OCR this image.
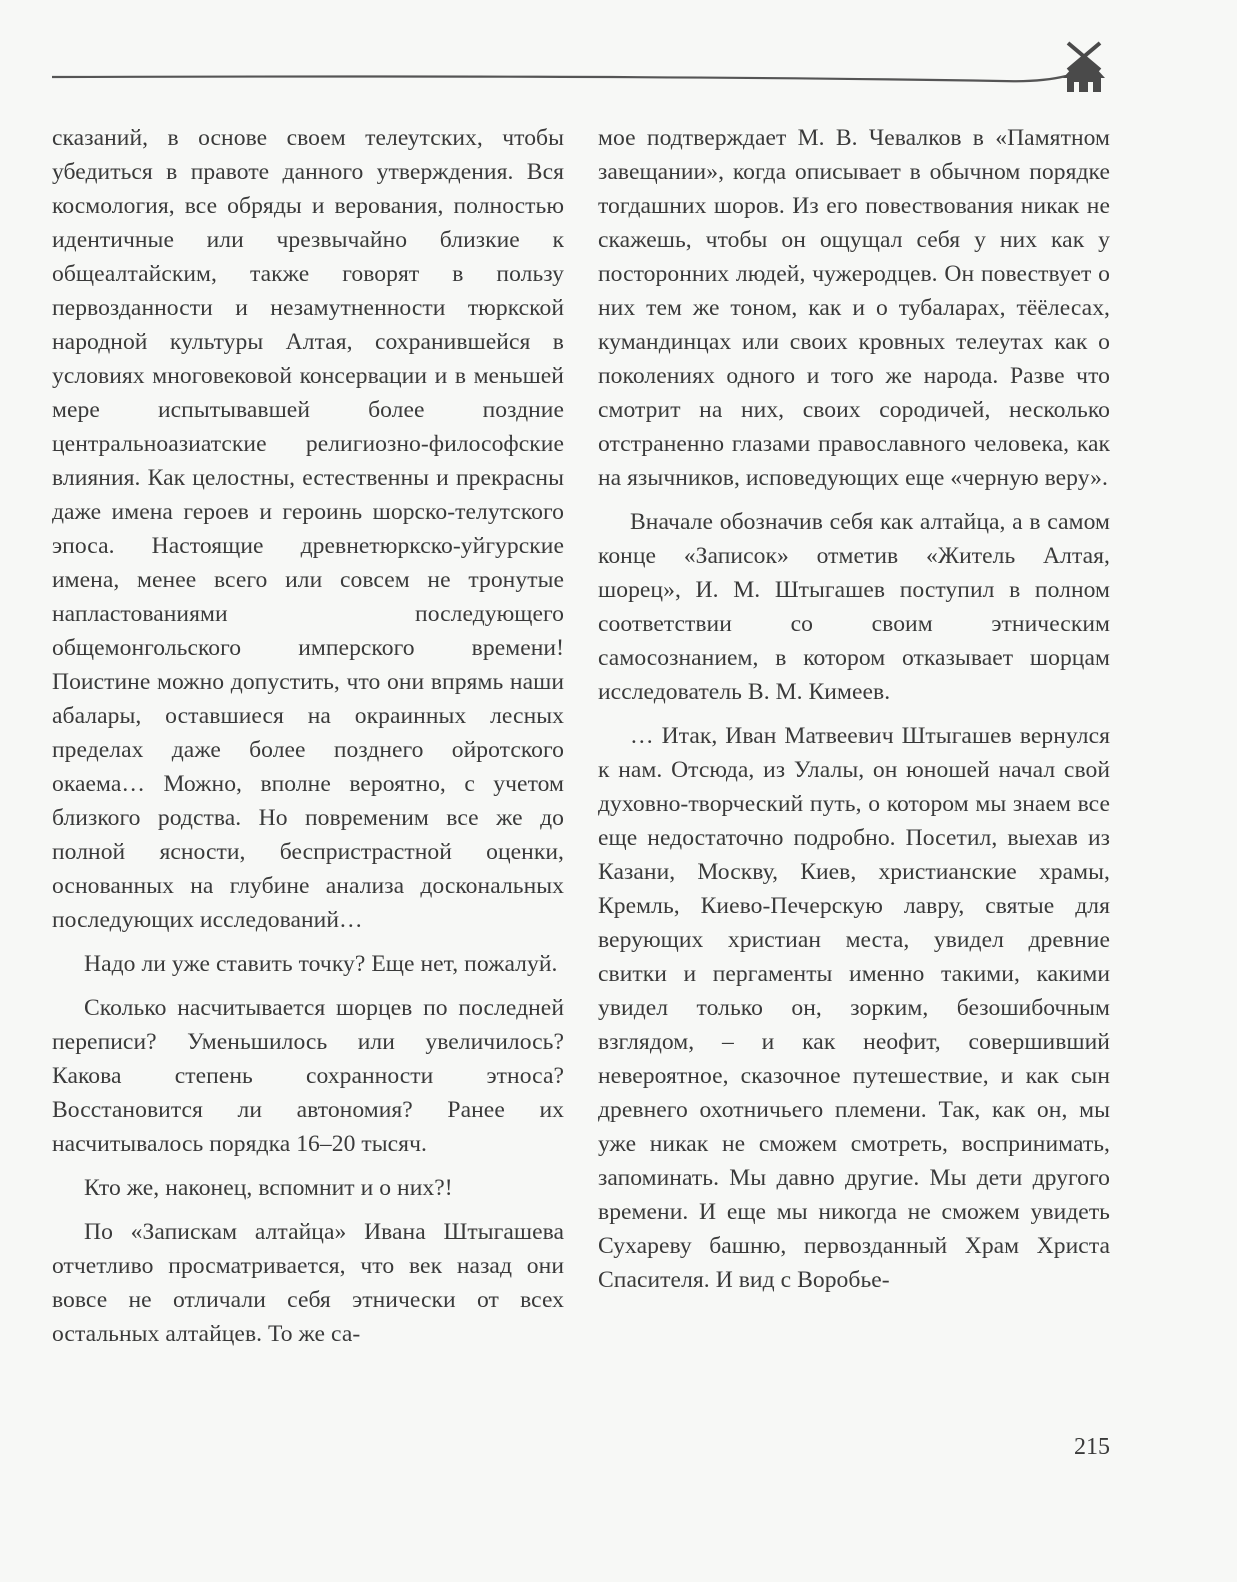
сказаний, в основе своем телеутских, чтобы убедиться в правоте данного утверждения. Вся космология, все обряды и верования, полностью идентичные или чрезвычайно близкие к общеалтайским, также говорят в пользу первозданности и незамутненности тюркской народной культуры Алтая, сохранившейся в условиях многовековой консервации и в меньшей мере испытывавшей более поздние центральноазиатские религиозно-философские влияния. Как целостны, естественны и прекрасны даже имена героев и героинь шорско-телутского эпоса. Настоящие древнетюркско-уйгурские имена, менее всего или совсем не тронутые напластованиями последующего общемонгольского имперского времени! Поистине можно допустить, что они впрямь наши абалары, оставшиеся на окраинных лесных пределах даже более позднего ойротского окаема… Можно, вполне вероятно, с учетом близкого родства. Но повременим все же до полной ясности, беспристрастной оценки, основанных на глубине анализа доскональных последующих исследований…

Надо ли уже ставить точку? Еще нет, пожалуй.

Сколько насчитывается шорцев по последней переписи? Уменьшилось или увеличилось? Какова степень сохранности этноса? Восстановится ли автономия? Ранее их насчитывалось порядка 16–20 тысяч.

Кто же, наконец, вспомнит и о них?!

По «Запискам алтайца» Ивана Штыгашева отчетливо просматривается, что век назад они вовсе не отличали себя этнически от всех остальных алтайцев. То же са-

мое подтверждает М. В. Чевалков в «Памятном завещании», когда описывает в обычном порядке тогдашних шоров. Из его повествования никак не скажешь, чтобы он ощущал себя у них как у посторонних людей, чужеродцев. Он повествует о них тем же тоном, как и о тубаларах, тёёлесах, кумандинцах или своих кровных телеутах как о поколениях одного и того же народа. Разве что смотрит на них, своих сородичей, несколько отстраненно глазами православного человека, как на язычников, исповедующих еще «черную веру».

Вначале обозначив себя как алтайца, а в самом конце «Записок» отметив «Житель Алтая, шорец», И. М. Штыгашев поступил в полном соответствии со своим этническим самосознанием, в котором отказывает шорцам исследователь В. М. Кимеев.

… Итак, Иван Матвеевич Штыгашев вернулся к нам. Отсюда, из Улалы, он юношей начал свой духовно-творческий путь, о котором мы знаем все еще недостаточно подробно. Посетил, выехав из Казани, Москву, Киев, христианские храмы, Кремль, Киево-Печерскую лавру, святые для верующих христиан места, увидел древние свитки и пергаменты именно такими, какими увидел только он, зорким, безошибочным взглядом, – и как неофит, совершивший невероятное, сказочное путешествие, и как сын древнего охотничьего племени. Так, как он, мы уже никак не сможем смотреть, воспринимать, запоминать. Мы давно другие. Мы дети другого времени. И еще мы никогда не сможем увидеть Сухареву башню, первозданный Храм Христа Спасителя. И вид с Воробье-

215
